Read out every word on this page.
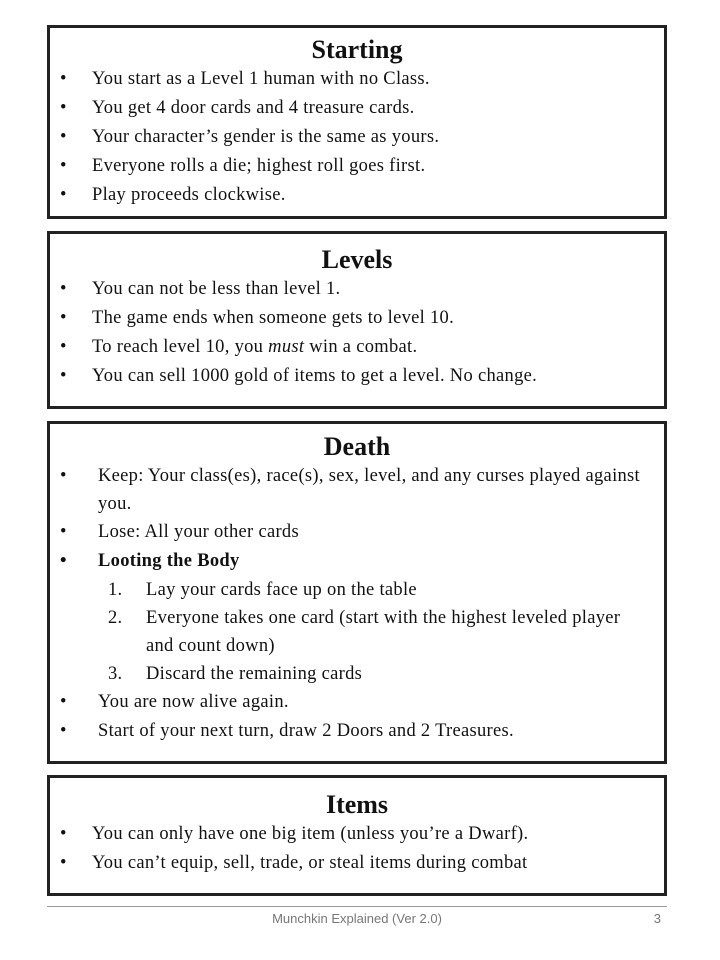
Starting
• You start as a Level 1 human with no Class.
• You get 4 door cards and 4 treasure cards.
• Your character’s gender is the same as yours.
• Everyone rolls a die; highest roll goes first.
• Play proceeds clockwise.
Levels
• You can not be less than level 1.
• The game ends when someone gets to level 10.
• To reach level 10, you must win a combat.
• You can sell 1000 gold of items to get a level. No change.
Death
• Keep: Your class(es), race(s), sex, level, and any curses played against you.
• Lose: All your other cards
• Looting the Body
1. Lay your cards face up on the table
2. Everyone takes one card (start with the highest leveled player and count down)
3. Discard the remaining cards
• You are now alive again.
• Start of your next turn, draw 2 Doors and 2 Treasures.
Items
• You can only have one big item (unless you’re a Dwarf).
• You can’t equip, sell, trade, or steal items during combat
Munchkin Explained (Ver 2.0)	3
